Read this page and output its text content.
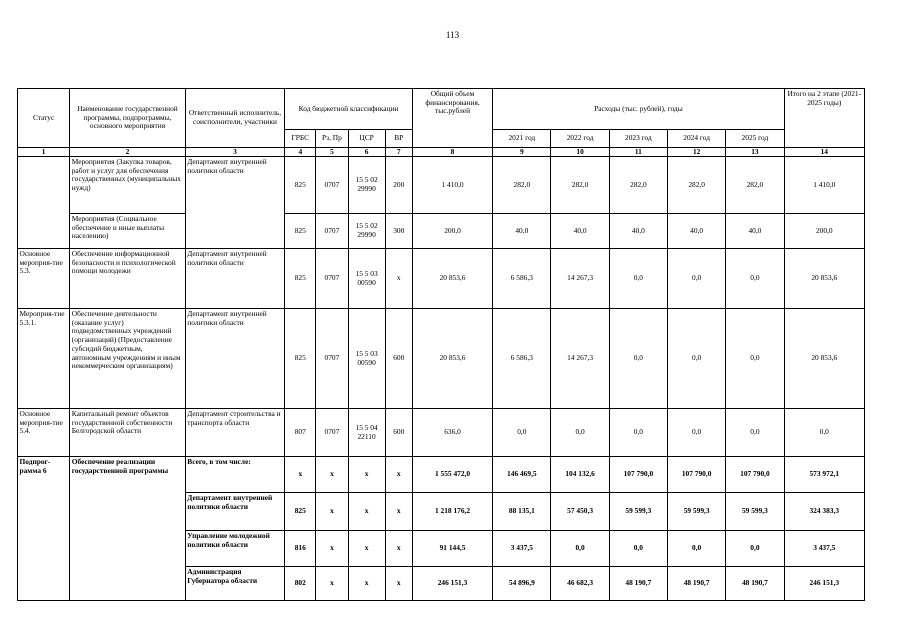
113
Статус	Наименование государственной программы, подпрограммы, основного мероприятия	Ответственный исполнитель, соисполнители, участники	Код бюджетной классификации				Общий объем финансирования, тыс.рублей	Расходы (тыс. рублей), годы					Итого на 2 этапе (2021-2025 годы)
			ГРБС	Рз, Пр	ЦСР	ВР		2021 год	2022 год	2023 год	2024 год	2025 год	
1	2	3	4	5	6	7	8	9	10	11	12	13	14
	Мероприятия (Закупка товаров, работ и услуг для обеспечения государственных (муниципальных нужд)	Департамент внутренней политики области	825	0707	15 5 02 29990	200	1 410,0	282,0	282,0	282,0	282,0	282,0	1 410,0
	Мероприятия (Социальное обеспечение и иные выплаты населению)		825	0707	15 5 02 29990	300	200,0	40,0	40,0	40,0	40,0	40,0	200,0
Основное мероприя-тие 5.3.	Обеспечение информационной безопасности и психологической помощи молодежи	Департамент внутренней политики области	825	0707	15 5 03 00590	х	20 853,6	6 586,3	14 267,3	0,0	0,0	0,0	20 853,6
Мероприя-тие 5.3.1.	Обеспечение деятельности (оказание услуг) подведомственных учреждений (организаций) (Предоставление субсидий бюджетным, автономным учреждениям и иным некоммерческим организациям)	Департамент внутренней политики области	825	0707	15 5 03 00590	600	20 853,6	6 586,3	14 267,3	0,0	0,0	0,0	20 853,6
Основное мероприя-тие 5.4.	Капитальный ремонт объектов государственной собственности Белгородской области	Департамент строительства и транспорта области	807	0707	15 5 04 22110	600	636,0	0,0	0,0	0,0	0,0	0,0	0,0
Подпрог-рамма 6	Обеспечение реализации государственной программы	Всего, в том числе:	х	х	х	х	1 555 472,0	146 469,5	104 132,6	107 790,0	107 790,0	107 790,0	573 972,1
		Департамент внутренней политики области	825	х	х	х	1 218 176,2	88 135,1	57 450,3	59 599,3	59 599,3	59 599,3	324 383,3
		Управление молодежной политики области	816	х	х	х	91 144,5	3 437,5	0,0	0,0	0,0	0,0	3 437,5
		Администрация Губернатора области	802	х	х	х	246 151,3	54 896,9	46 682,3	48 190,7	48 190,7	48 190,7	246 151,3
